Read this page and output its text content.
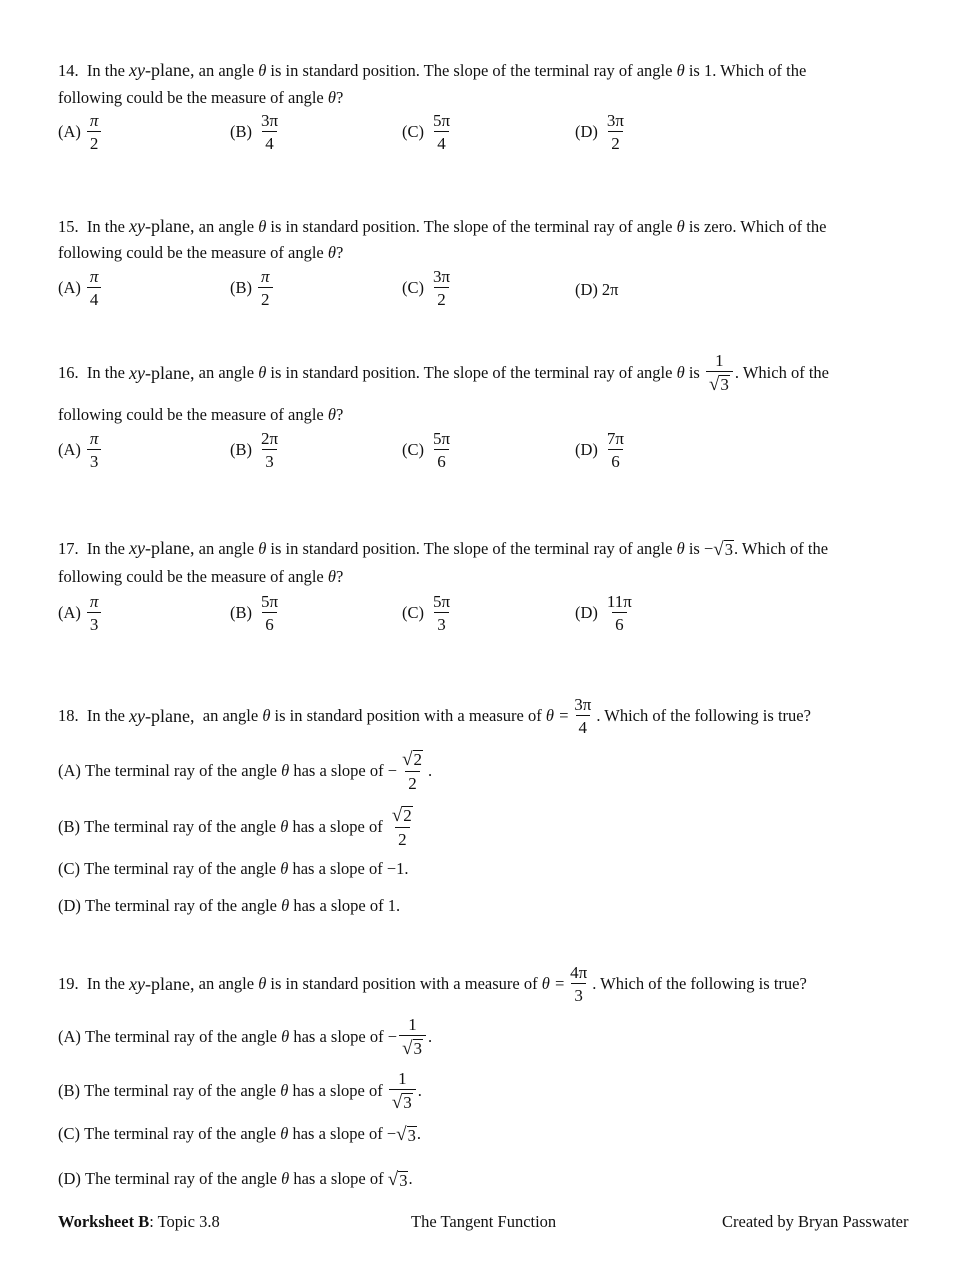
14. In the xy-plane, an angle θ is in standard position. The slope of the terminal ray of angle θ is 1. Which of the
following could be the measure of angle θ?
$(A) \frac{\pi}{2}$	$(B) \frac{3\pi}{4}$	$(C) \frac{5\pi}{4}$	$(D) \frac{3\pi}{2}$
15. In the xy-plane, an angle θ is in standard position. The slope of the terminal ray of angle θ is zero. Which of the
following could be the measure of angle θ?
$(A) \frac{\pi}{4}$	$(B) \frac{\pi}{2}$	$(C) \frac{3\pi}{2}$	(D) 2π
16.
In the
xy -plane,
an angle
θ
is in standard position. The slope of the terminal ray of angle
θ
is
$\frac{1}{√ 3}$ . Which of the
following could be the measure of angle θ?
$(A) \frac{\pi}{3}$	$(B) \frac{2\pi}{3}$	$(C) \frac{5\pi}{6}$	$(D) \frac{7\pi}{6}$
17.
In the
xy -plane,
an angle
θ
is in standard position. The slope of the terminal ray of angle
θ
is
− √ 3 . Which of the
following could be the measure of angle θ?
$(A) \frac{\pi}{3}$	$(B) \frac{5\pi}{6}$	$(C) \frac{5\pi}{3}$	$(D) \frac{11\pi}{6}$
18.
In the
xy -plane,
an angle
θ
is in standard position with a measure of
$\theta = \frac{3\pi}{4}$ . Which of the following is true?
(A)
The terminal ray of the angle
θ
has a slope of
− $\frac{√ 2}{2}$ .
(B)
The terminal ray of the angle
θ
has a slope of
$\frac{√ 2}{2}$
(C)
The terminal ray of the angle
θ
has a slope of
−1.
(D)
The terminal ray of the angle
θ
has a slope of
1.
19.
In the
xy -plane,
an angle
θ
is in standard position with a measure of
$\theta = \frac{4\pi}{3}$ . Which of the following is true?
(A)
The terminal ray of the angle
θ
has a slope of
− $\frac{1}{√ 3}$ .
(B)
The terminal ray of the angle
θ
has a slope of
$\frac{1}{√ 3}$ .
(C)
The terminal ray of the angle
θ
has a slope of
− √ 3 .
(D)
The terminal ray of the angle
θ
has a slope of
√ 3 .
Worksheet B: Topic 3.8	The Tangent Function	Created by Bryan Passwater
